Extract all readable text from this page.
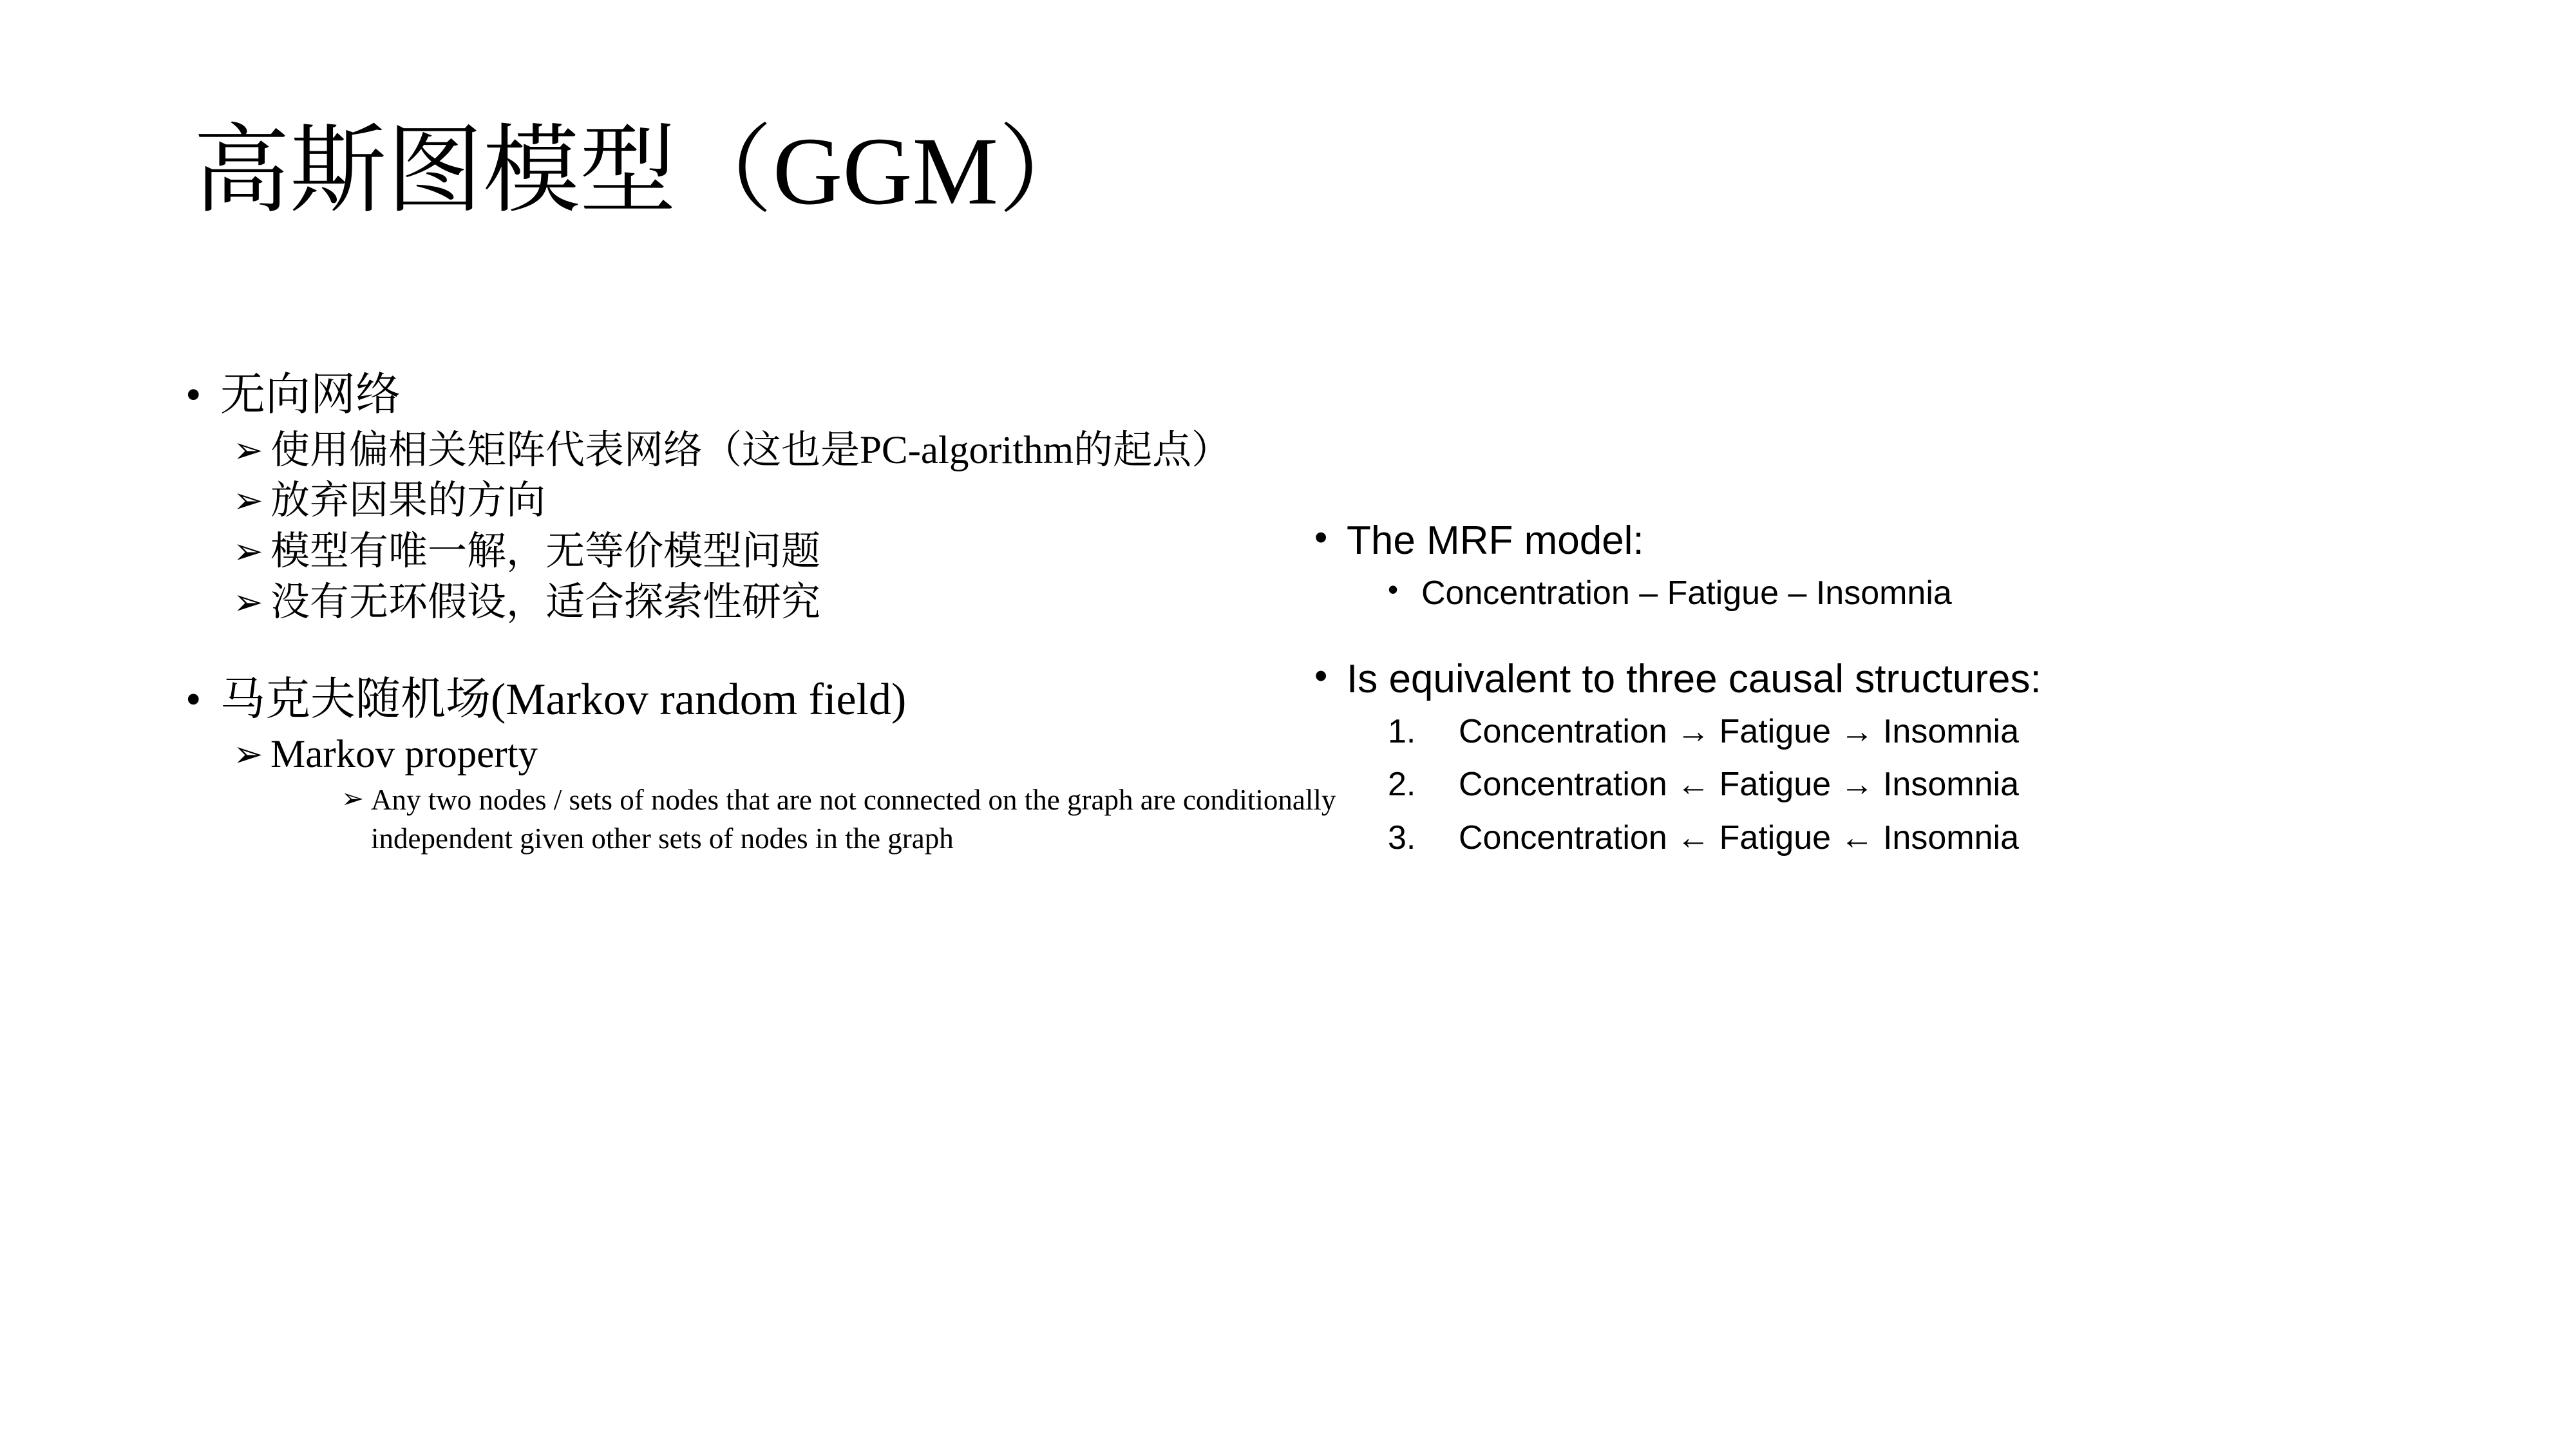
高斯图模型（GGM）
• 无向网络
➢ 使用偏相关矩阵代表网络（这也是PC-algorithm的起点）
➢ 放弃因果的方向
➢ 模型有唯一解，无等价模型问题
➢ 没有无环假设，适合探索性研究
• 马克夫随机场(Markov random field)
➢ Markov property
➢ Any two nodes / sets of nodes that are not connected on the graph are conditionally independent given other sets of nodes in the graph
• The MRF model:
• Concentration – Fatigue – Insomnia
• Is equivalent to three causal structures:
1.	Concentration → Fatigue → Insomnia
2.	Concentration ← Fatigue → Insomnia
3.	Concentration ← Fatigue ← Insomnia
